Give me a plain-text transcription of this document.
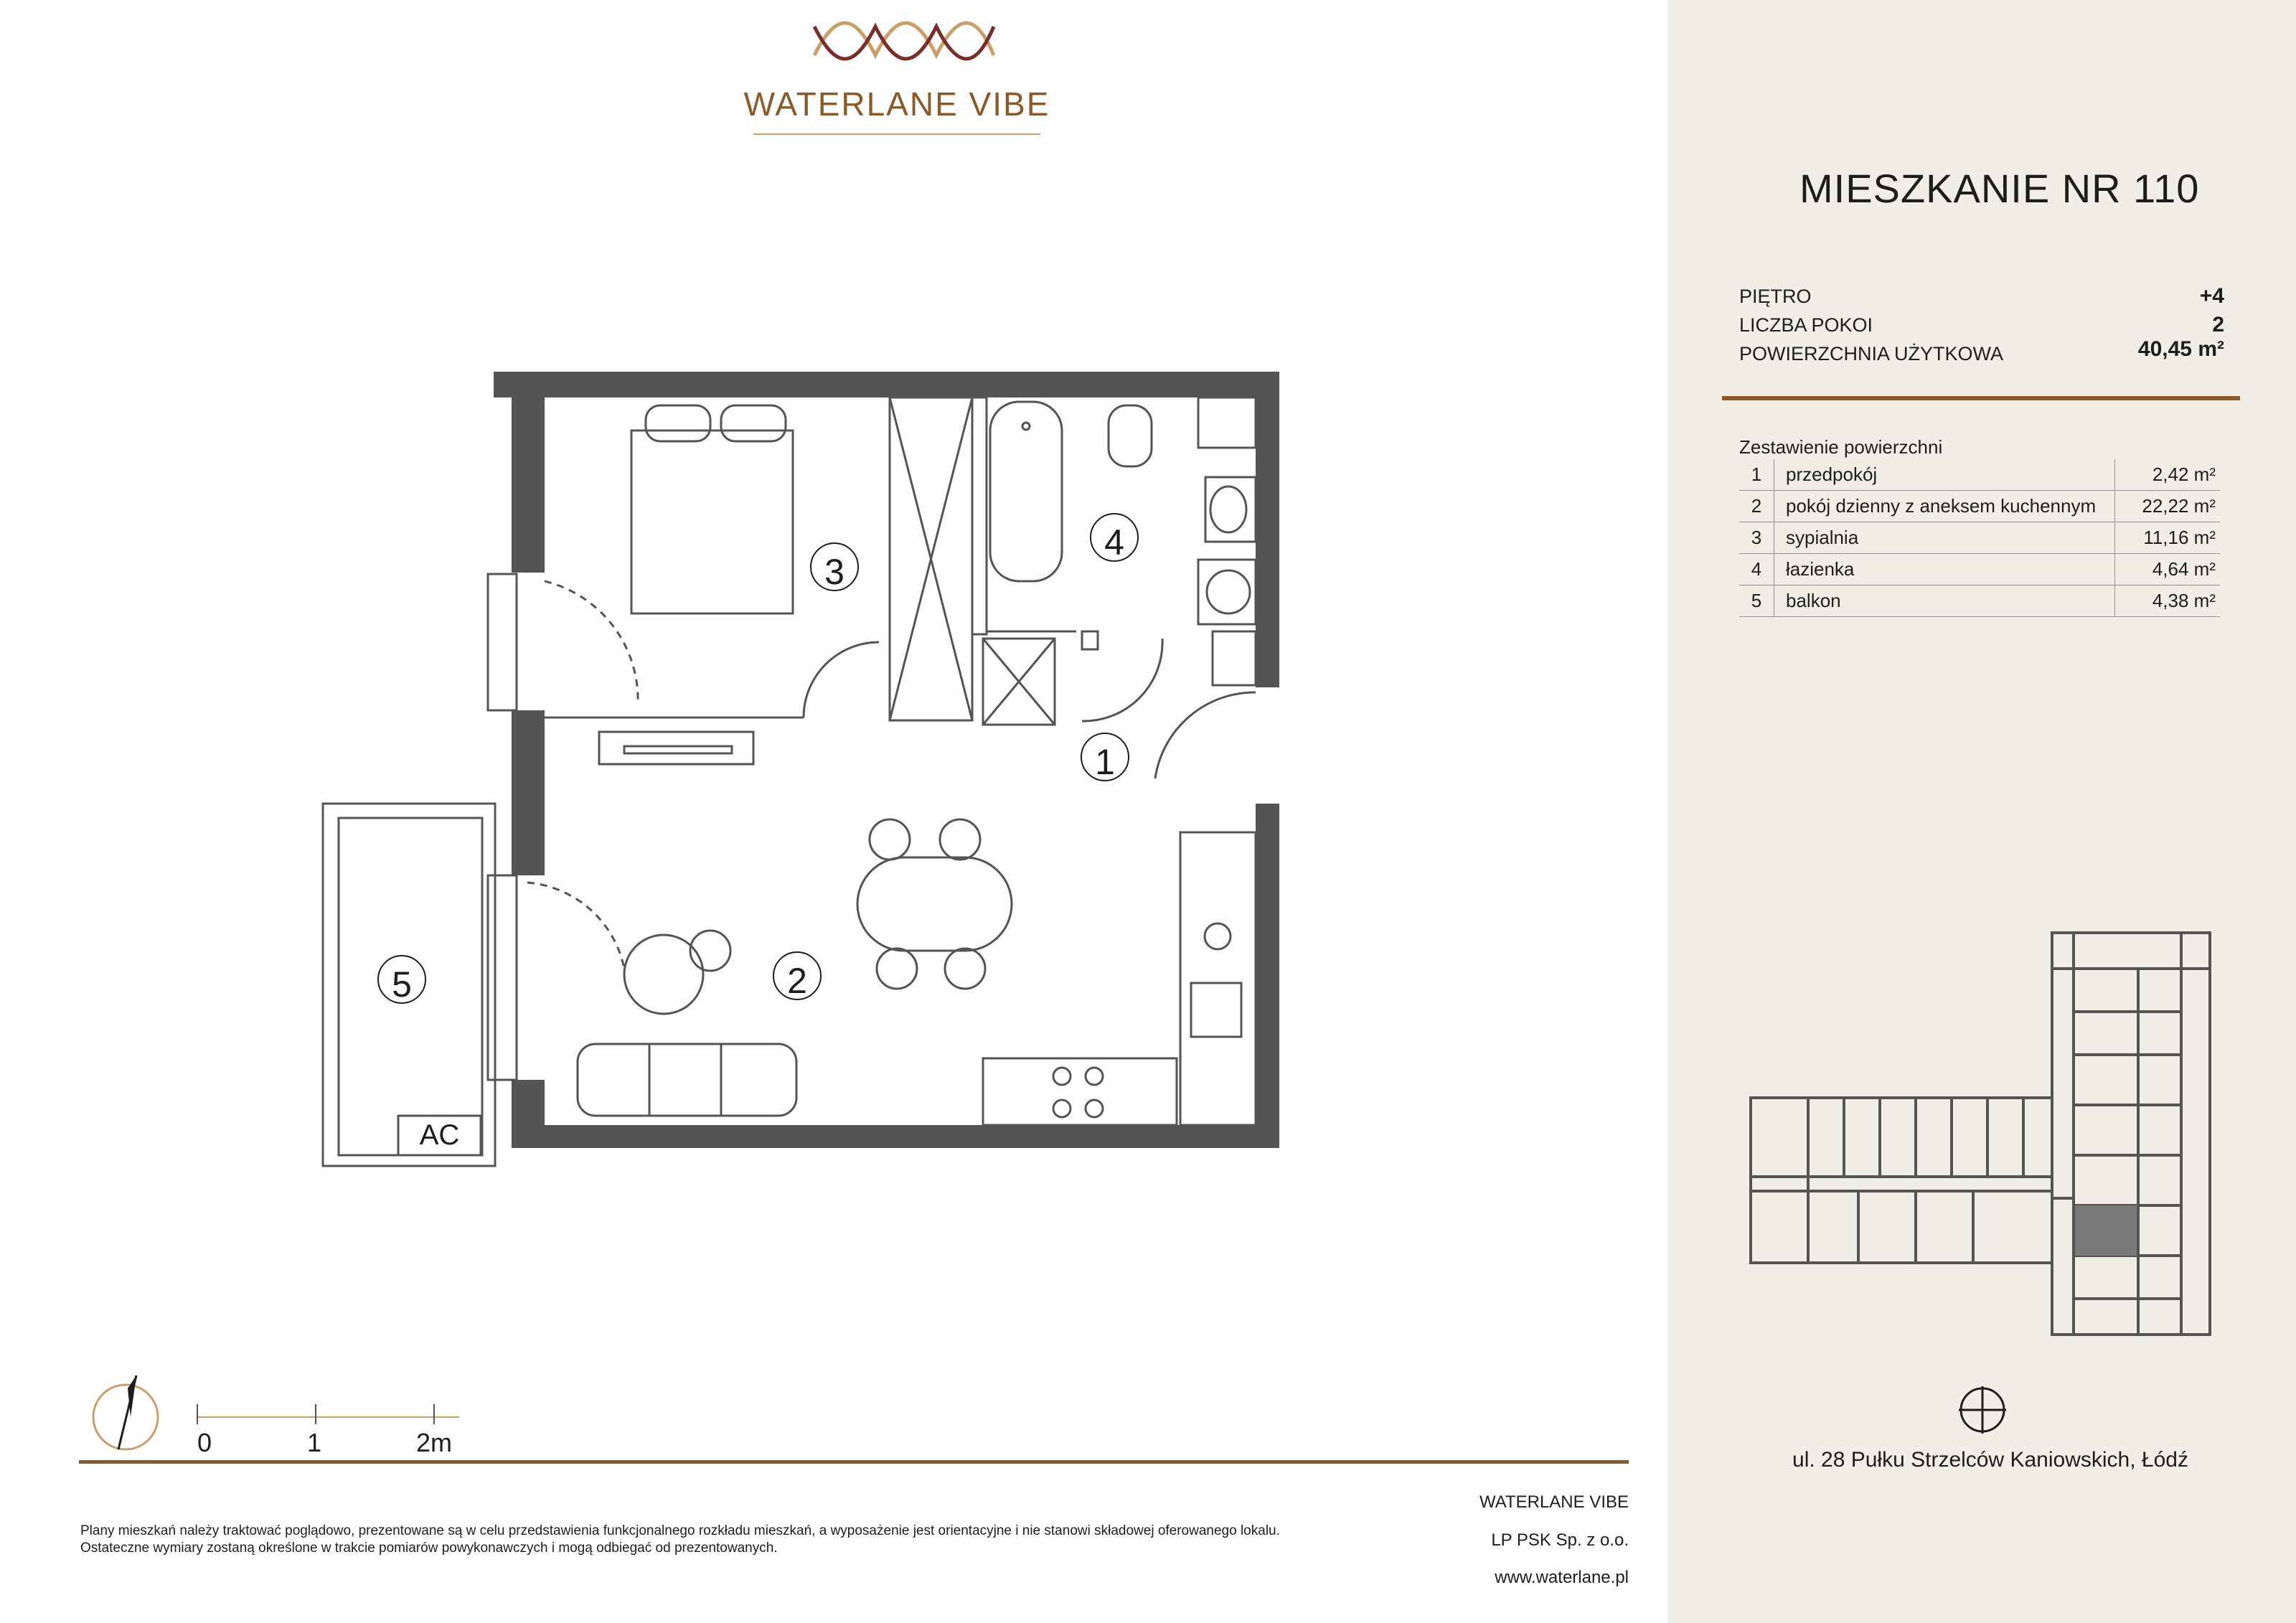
WATERLANE VIBE
3
4
1
2
5
AC
MIESZKANIE NR 110
PIĘTRO	+4
LICZBA POKOI	2
POWIERZCHNIA UŻYTKOWA	40,45 m²
Zestawienie powierzchni
1	przedpokój	2,42 m²
2	pokój dzienny z aneksem kuchennym	22,22 m²
3	sypialnia	11,16 m²
4	łazienka	4,64 m²
5	balkon	4,38 m²
ul. 28 Pułku Strzelców Kaniowskich, Łódź
0	1	2m
Plany mieszkań należy traktować poglądowo, prezentowane są w celu przedstawienia funkcjonalnego rozkładu mieszkań, a wyposażenie jest orientacyjne i nie stanowi składowej oferowanego lokalu.
Ostateczne wymiary zostaną określone w trakcie pomiarów powykonawczych i mogą odbiegać od prezentowanych.
WATERLANE VIBE
LP PSK Sp. z o.o.
www.waterlane.pl
